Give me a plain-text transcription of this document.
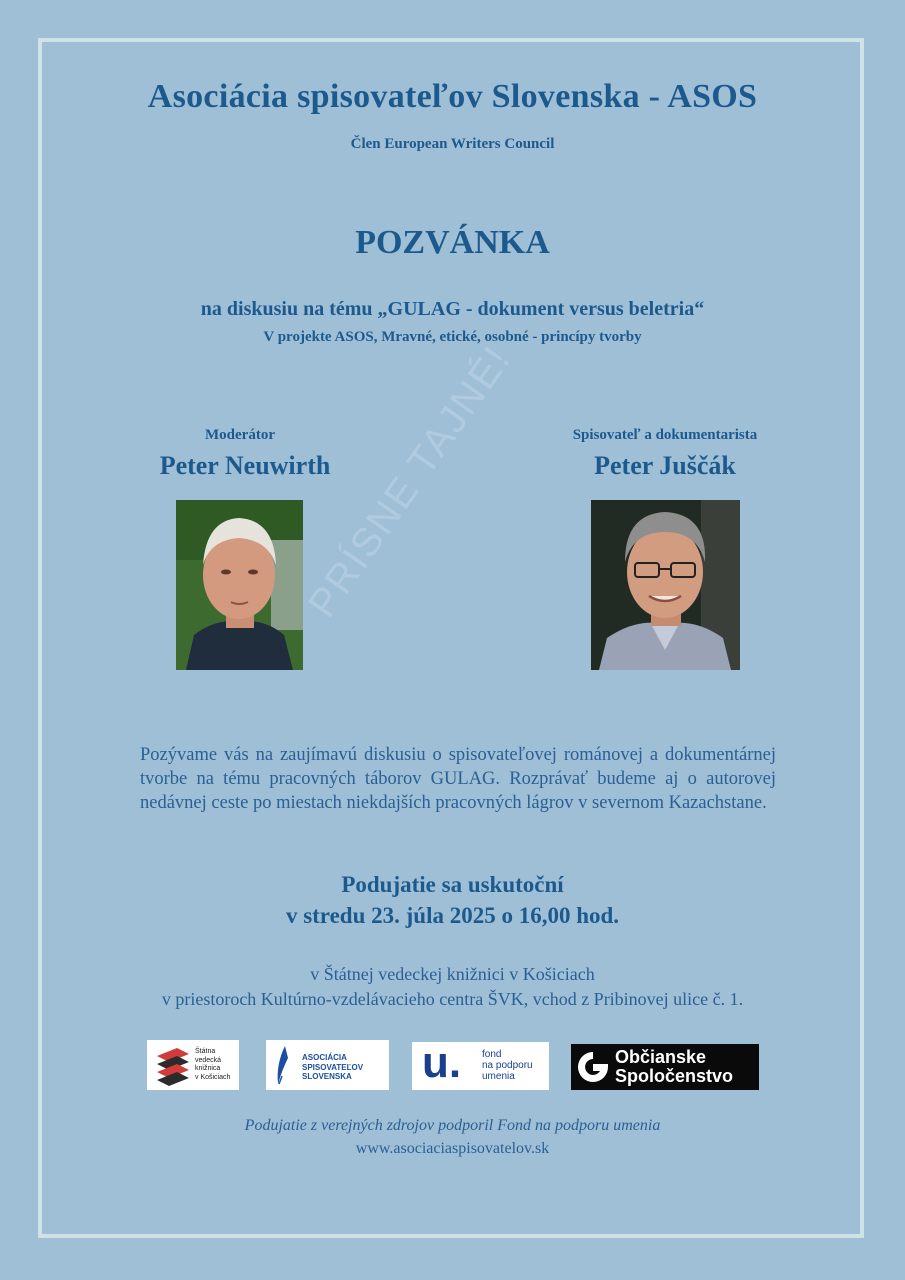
Asociácia spisovateľov Slovenska - ASOS
Člen European Writers Council
POZVÁNKA
na diskusiu na tému „GULAG - dokument versus beletria“
V projekte ASOS, Mravné, etické, osobné - princípy tvorby
Moderátor
Peter Neuwirth
Spisovateľ a dokumentarista
Peter Juščák
PRÍSNE TAJNÉ!
Pozývame vás na zaujímavú diskusiu o spisovateľovej románovej a dokumentárnej tvorbe na tému pracovných táborov GULAG. Rozprávať budeme aj o autorovej nedávnej ceste po miestach niekdajších pracovných lágrov v severnom Kazachstane.
Podujatie sa uskutoční
v stredu 23. júla 2025 o 16,00 hod.
v Štátnej vedeckej knižnici v Košiciach
v priestoroch Kultúrno-vzdelávacieho centra ŠVK, vchod z Pribinovej ulice č. 1.
Štátna
vedecká
knižnica
v Košiciach
ASOCIÁCIA
SPISOVATEĽOV
SLOVENSKA u. fond
na podporu
umenia
Občianske
Spoločenstvo
Podujatie z verejných zdrojov podporil Fond na podporu umenia
www.asociaciaspisovatelov.sk
